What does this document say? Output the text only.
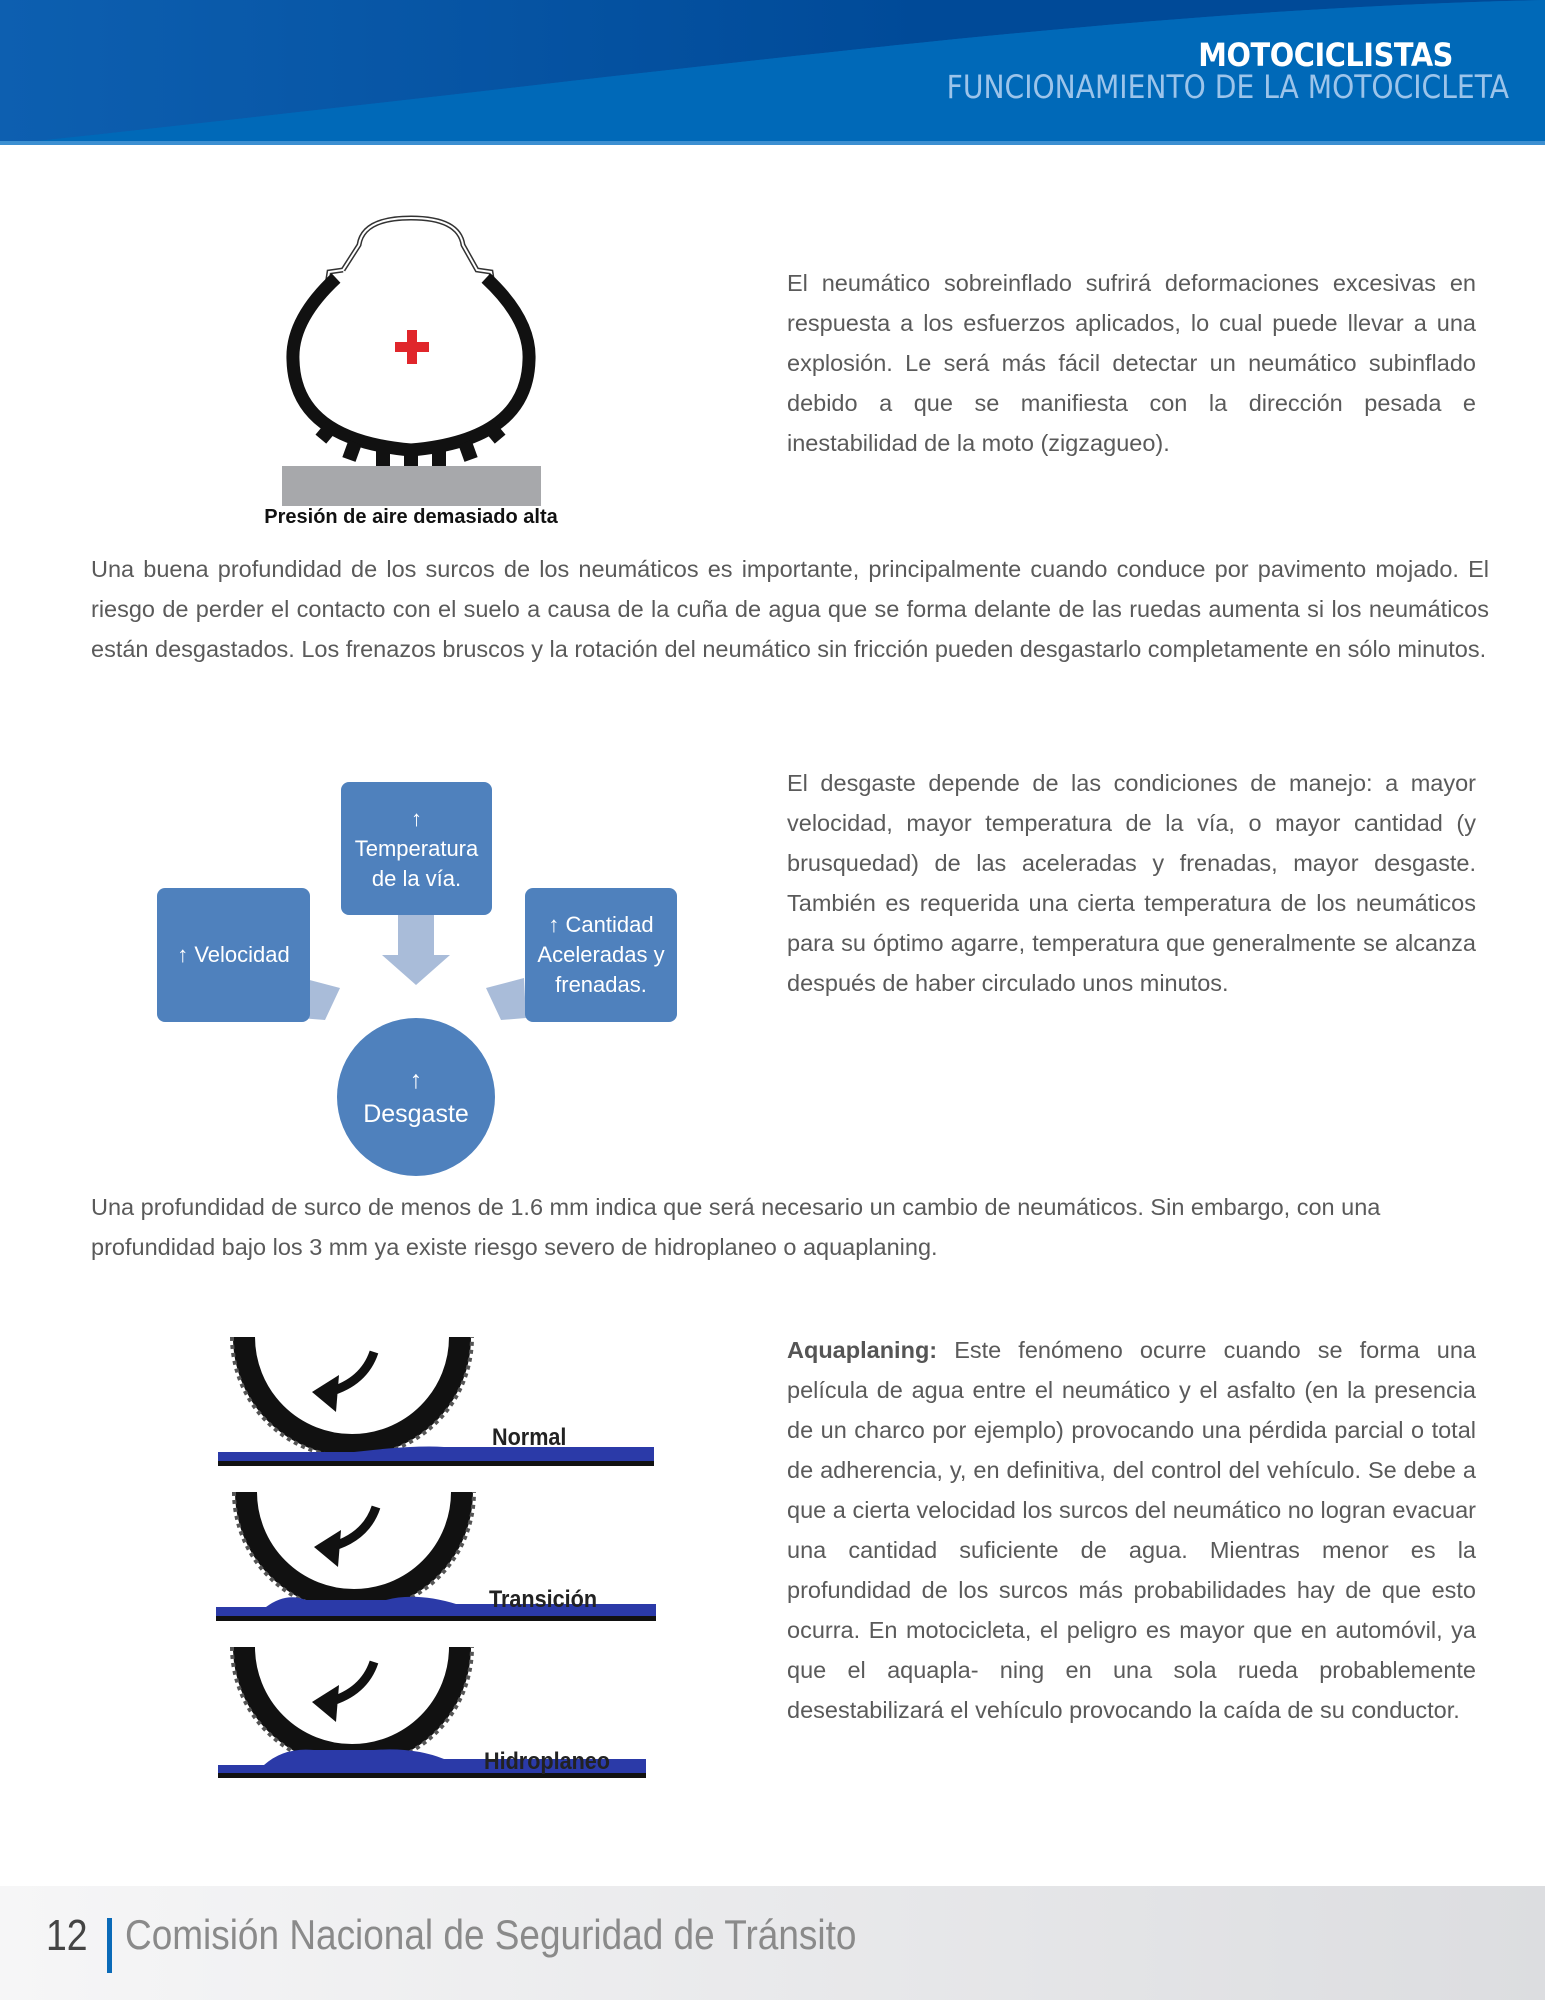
MOTOCICLISTAS
FUNCIONAMIENTO DE LA MOTOCICLETA
Presión de aire demasiado alta

El neumático sobreinflado sufrirá deformaciones excesivas en respuesta a los esfuerzos aplicados, lo cual puede llevar a una explosión. Le será más fácil detectar un neumático subinflado debido a que se manifiesta con la dirección pesada e inestabilidad de la moto (zigzagueo).

Una buena profundidad de los surcos de los neumáticos es importante, principalmente cuando conduce por pavimento mojado. El riesgo de perder el contacto con el suelo a causa de la cuña de agua que se forma delante de las ruedas aumenta si los neumáticos están desgastados. Los frenazos bruscos y la rotación del neumático sin fricción pueden desgastarlo completamente en sólo minutos.

↑ Velocidad
↑
Temperatura
de la vía.
↑ Cantidad
Aceleradas y
frenadas.
↑
Desgaste

El desgaste depende de las condiciones de manejo: a mayor velocidad, mayor temperatura de la vía, o mayor cantidad (y brusquedad) de las aceleradas y frenadas, mayor desgaste. También es requerida una cierta temperatura de los neumáticos para su óptimo agarre, temperatura que generalmente se alcanza después de haber circulado unos minutos.

Una profundidad de surco de menos de 1.6 mm indica que será necesario un cambio de neumáticos. Sin embargo, con una profundidad bajo los 3 mm ya existe riesgo severo de hidroplaneo o aquaplaning.

Normal
Transición
Hidroplaneo

Aquaplaning: Este fenómeno ocurre cuando se forma una película de agua entre el neumático y el asfalto (en la presencia de un charco por ejemplo) provocando una pérdida parcial o total de adherencia, y, en definitiva, del control del vehículo. Se debe a que a cierta velocidad los surcos del neumático no logran evacuar una cantidad suficiente de agua. Mientras menor es la profundidad de los surcos más probabilidades hay de que esto ocurra. En motocicleta, el peligro es mayor que en automóvil, ya que el aquapla- ning en una sola rueda probablemente desestabilizará el vehículo provocando la caída de su conductor.

12 Comisión Nacional de Seguridad de Tránsito
